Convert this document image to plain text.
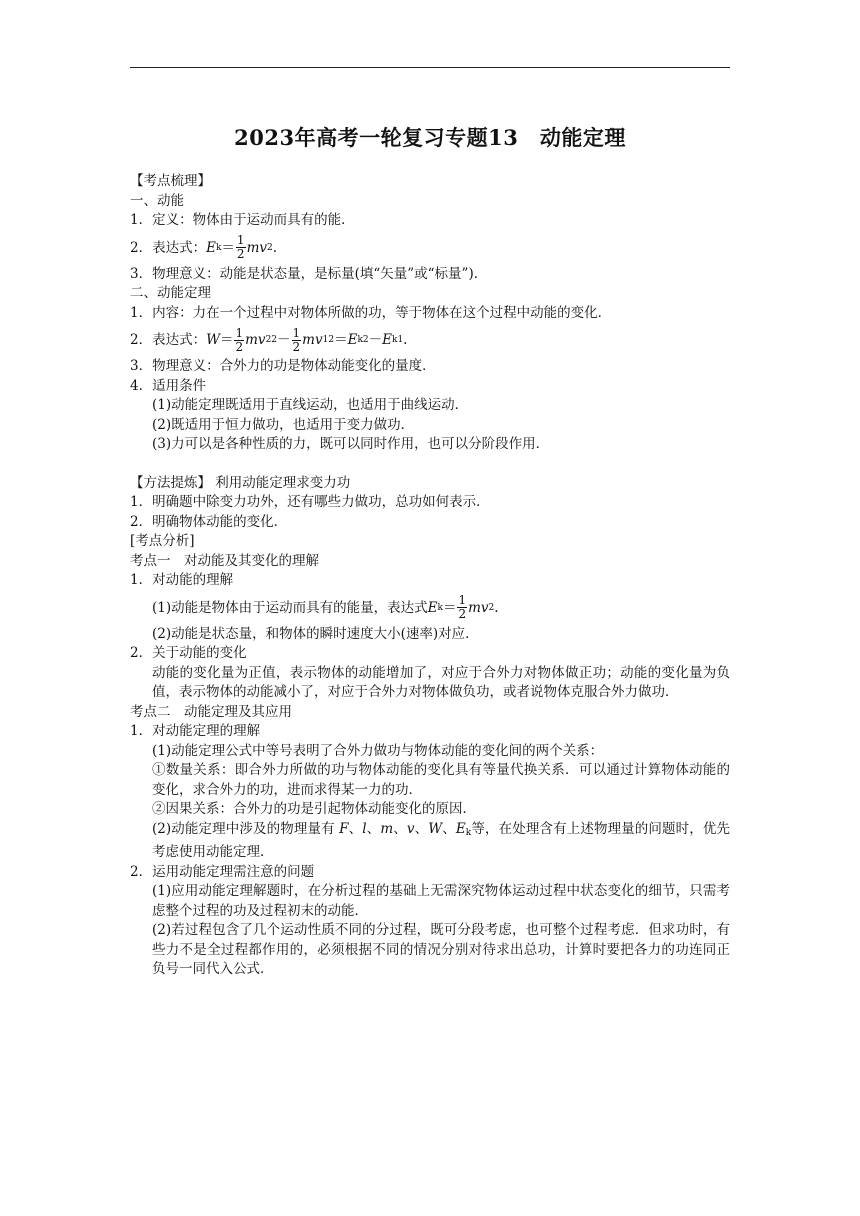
2023年高考一轮复习专题13　动能定理
【考点梳理】
一、动能
1．定义：物体由于运动而具有的能．
2．表达式： E $k = \frac{1}{2}$ mv 2 .
3．物理意义：动能是状态量，是标量(填“矢量”或“标量”)．
二、动能定理
1．内容：力在一个过程中对物体所做的功，等于物体在这个过程中动能的变化．
2．表达式： $W = \frac{1}{2}$ mv 2 $2 - \frac{1}{2}$ mv 1 2 ＝ E k2 － E k1 .
3．物理意义：合外力的功是物体动能变化的量度．
4．适用条件
(1)动能定理既适用于直线运动，也适用于曲线运动．
(2)既适用于恒力做功，也适用于变力做功．
(3)力可以是各种性质的力，既可以同时作用，也可以分阶段作用．
【方法提炼】 利用动能定理求变力功
1．明确题中除变力功外，还有哪些力做功，总功如何表示．
2．明确物体动能的变化．
[考点分析]
考点一　对动能及其变化的理解
1．对动能的理解
(1)动能是物体由于运动而具有的能量，表达式 E $k = \frac{1}{2}$ mv 2 .
(2)动能是状态量，和物体的瞬时速度大小(速率)对应．
2．关于动能的变化
动能的变化量为正值，表示物体的动能增加了，对应于合外力对物体做正功；动能的变化量为负值，表示物体的动能减小了，对应于合外力对物体做负功，或者说物体克服合外力做功．
考点二　动能定理及其应用
1．对动能定理的理解
(1)动能定理公式中等号表明了合外力做功与物体动能的变化间的两个关系：
①数量关系：即合外力所做的功与物体动能的变化具有等量代换关系．可以通过计算物体动能的变化，求合外力的功，进而求得某一力的功．
②因果关系：合外力的功是引起物体动能变化的原因．
(2)动能定理中涉及的物理量有 F、l、m、v、W、$E_k$等，在处理含有上述物理量的问题时，优先考虑使用动能定理．
2．运用动能定理需注意的问题
(1)应用动能定理解题时，在分析过程的基础上无需深究物体运动过程中状态变化的细节，只需考虑整个过程的功及过程初末的动能．
(2)若过程包含了几个运动性质不同的分过程，既可分段考虑，也可整个过程考虑．但求功时，有些力不是全过程都作用的，必须根据不同的情况分别对待求出总功，计算时要把各力的功连同正负号一同代入公式．
